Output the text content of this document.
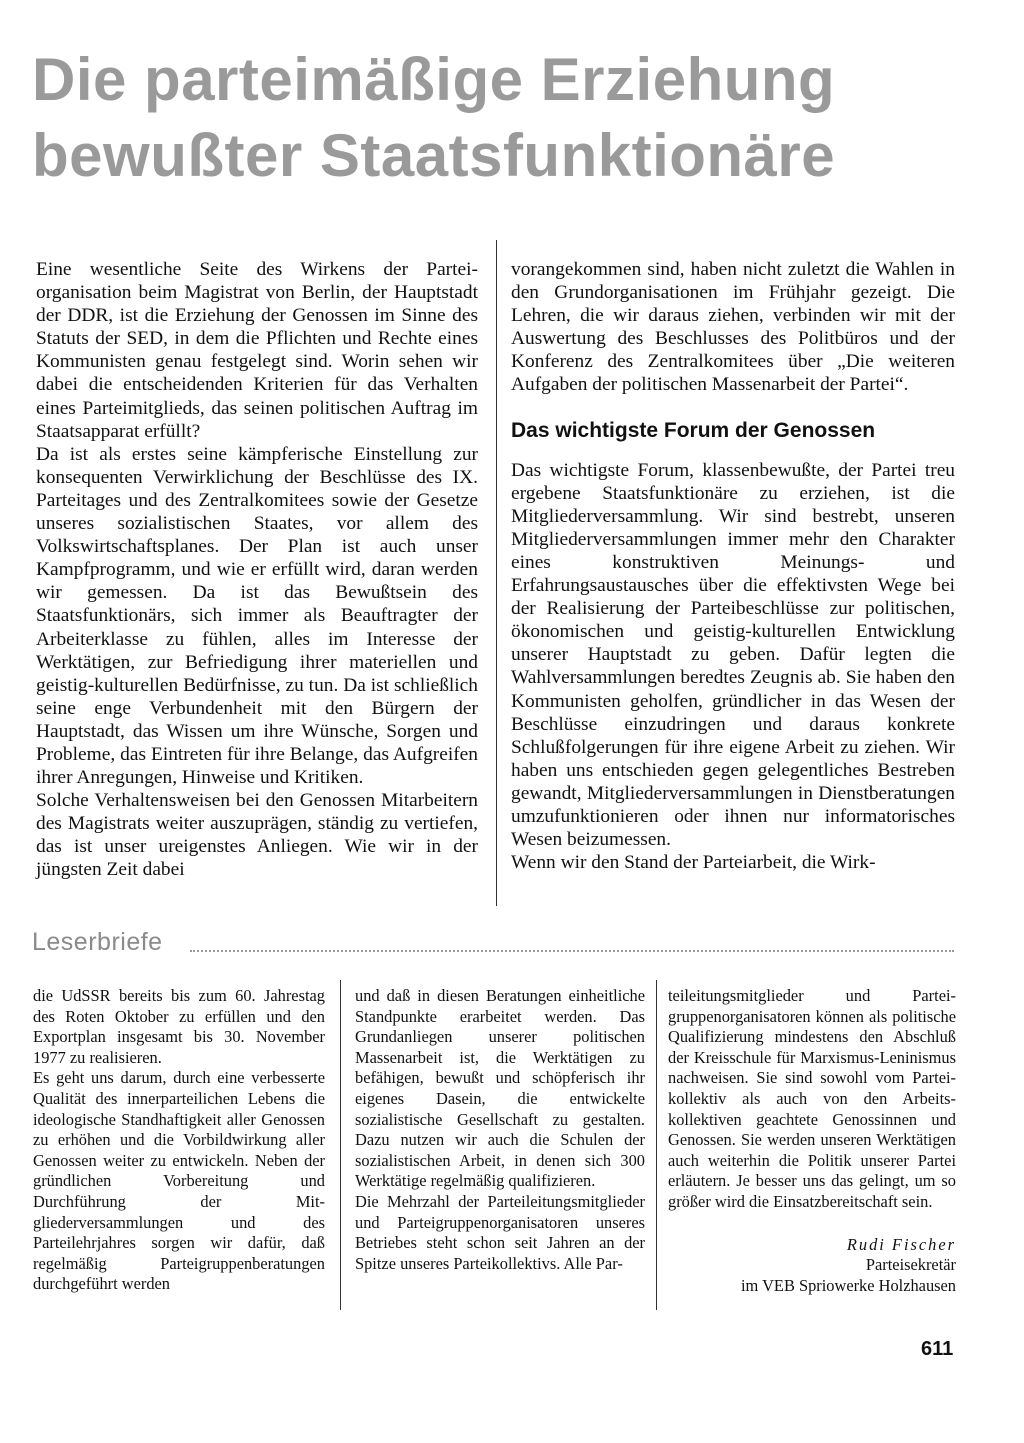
Die parteimäßige Erziehung
bewußter Staatsfunktionäre

Eine wesentliche Seite des Wirkens der Parteiorganisation beim Magistrat von Berlin, der Hauptstadt der DDR, ist die Erziehung der Genossen im Sinne des Statuts der SED, in dem die Pflichten und Rechte eines Kommunisten genau festgelegt sind. Worin sehen wir dabei die entscheidenden Kriterien für das Verhalten eines Parteimitglieds, das seinen politischen Auftrag im Staatsapparat erfüllt?

Da ist als erstes seine kämpferische Einstellung zur konsequenten Verwirklichung der Beschlüsse des IX. Parteitages und des Zentralkomitees sowie der Gesetze unseres sozialistischen Staates, vor allem des Volkswirtschaftsplanes. Der Plan ist auch unser Kampfprogramm, und wie er erfüllt wird, daran werden wir gemessen. Da ist das Bewußtsein des Staatsfunktionärs, sich immer als Beauftragter der Arbeiterklasse zu fühlen, alles im Interesse der Werktätigen, zur Befriedigung ihrer materiellen und geistig-kulturellen Bedürfnisse, zu tun. Da ist schließlich seine enge Verbundenheit mit den Bürgern der Hauptstadt, das Wissen um ihre Wünsche, Sorgen und Probleme, das Eintreten für ihre Belange, das Aufgreifen ihrer Anregungen, Hinweise und Kritiken.

Solche Verhaltensweisen bei den Genossen Mitarbeitern des Magistrats weiter auszuprägen, ständig zu vertiefen, das ist unser ureigenstes Anliegen. Wie wir in der jüngsten Zeit dabei

vorangekommen sind, haben nicht zuletzt die Wahlen in den Grundorganisationen im Frühjahr gezeigt. Die Lehren, die wir daraus ziehen, verbinden wir mit der Auswertung des Beschlusses des Politbüros und der Konferenz des Zentralkomitees über „Die weiteren Aufgaben der politischen Massenarbeit der Partei“.

Das wichtigste Forum der Genossen

Das wichtigste Forum, klassenbewußte, der Partei treu ergebene Staatsfunktionäre zu erziehen, ist die Mitgliederversammlung. Wir sind bestrebt, unseren Mitgliederversammlungen immer mehr den Charakter eines konstruktiven Meinungs- und Erfahrungsaustausches über die effektivsten Wege bei der Realisierung der Parteibeschlüsse zur politischen, ökonomischen und geistig-kulturellen Entwicklung unserer Hauptstadt zu geben. Dafür legten die Wahlversammlungen beredtes Zeugnis ab. Sie haben den Kommunisten geholfen, gründlicher in das Wesen der Beschlüsse einzudringen und daraus konkrete Schlußfolgerungen für ihre eigene Arbeit zu ziehen. Wir haben uns entschieden gegen gelegentliches Bestreben gewandt, Mitgliederversammlungen in Dienstberatungen umzufunktionieren oder ihnen nur informatorisches Wesen beizumessen.

Wenn wir den Stand der Parteiarbeit, die Wirk-

Leserbriefe

die UdSSR bereits bis zum 60. Jahrestag des Roten Oktober zu erfüllen und den Exportplan insgesamt bis 30. November 1977 zu realisieren.

Es geht uns darum, durch eine verbesserte Qualität des innerparteilichen Lebens die ideologische Standhaftigkeit aller Genossen zu erhöhen und die Vorbildwirkung aller Genossen weiter zu entwickeln. Neben der gründlichen Vorbereitung und Durchführung der Mitgliederversammlungen und des Parteilehrjahres sorgen wir dafür, daß regelmäßig Parteigruppenberatungen durchgeführt werden

und daß in diesen Beratungen einheitliche Standpunkte erarbeitet werden. Das Grundanliegen unserer politischen Massenarbeit ist, die Werktätigen zu befähigen, bewußt und schöpferisch ihr eigenes Dasein, die entwickelte sozialistische Gesellschaft zu gestalten. Dazu nutzen wir auch die Schulen der sozialistischen Arbeit, in denen sich 300 Werktätige regelmäßig qualifizieren.

Die Mehrzahl der Parteileitungsmitglieder und Parteigruppenorganisatoren unseres Betriebes steht schon seit Jahren an der Spitze unseres Parteikollektivs. Alle Par-

teileitungsmitglieder und Parteigruppenorganisatoren können als politische Qualifizierung mindestens den Abschluß der Kreisschule für Marxismus-Leninismus nachweisen. Sie sind sowohl vom Parteikollektiv als auch von den Arbeitskollektiven geachtete Genossinnen und Genossen. Sie werden unseren Werktätigen auch weiterhin die Politik unserer Partei erläutern. Je besser uns das gelingt, um so größer wird die Einsatzbereitschaft sein.

Rudi Fischer
Parteisekretär
im VEB Spriowerke Holzhausen
611
